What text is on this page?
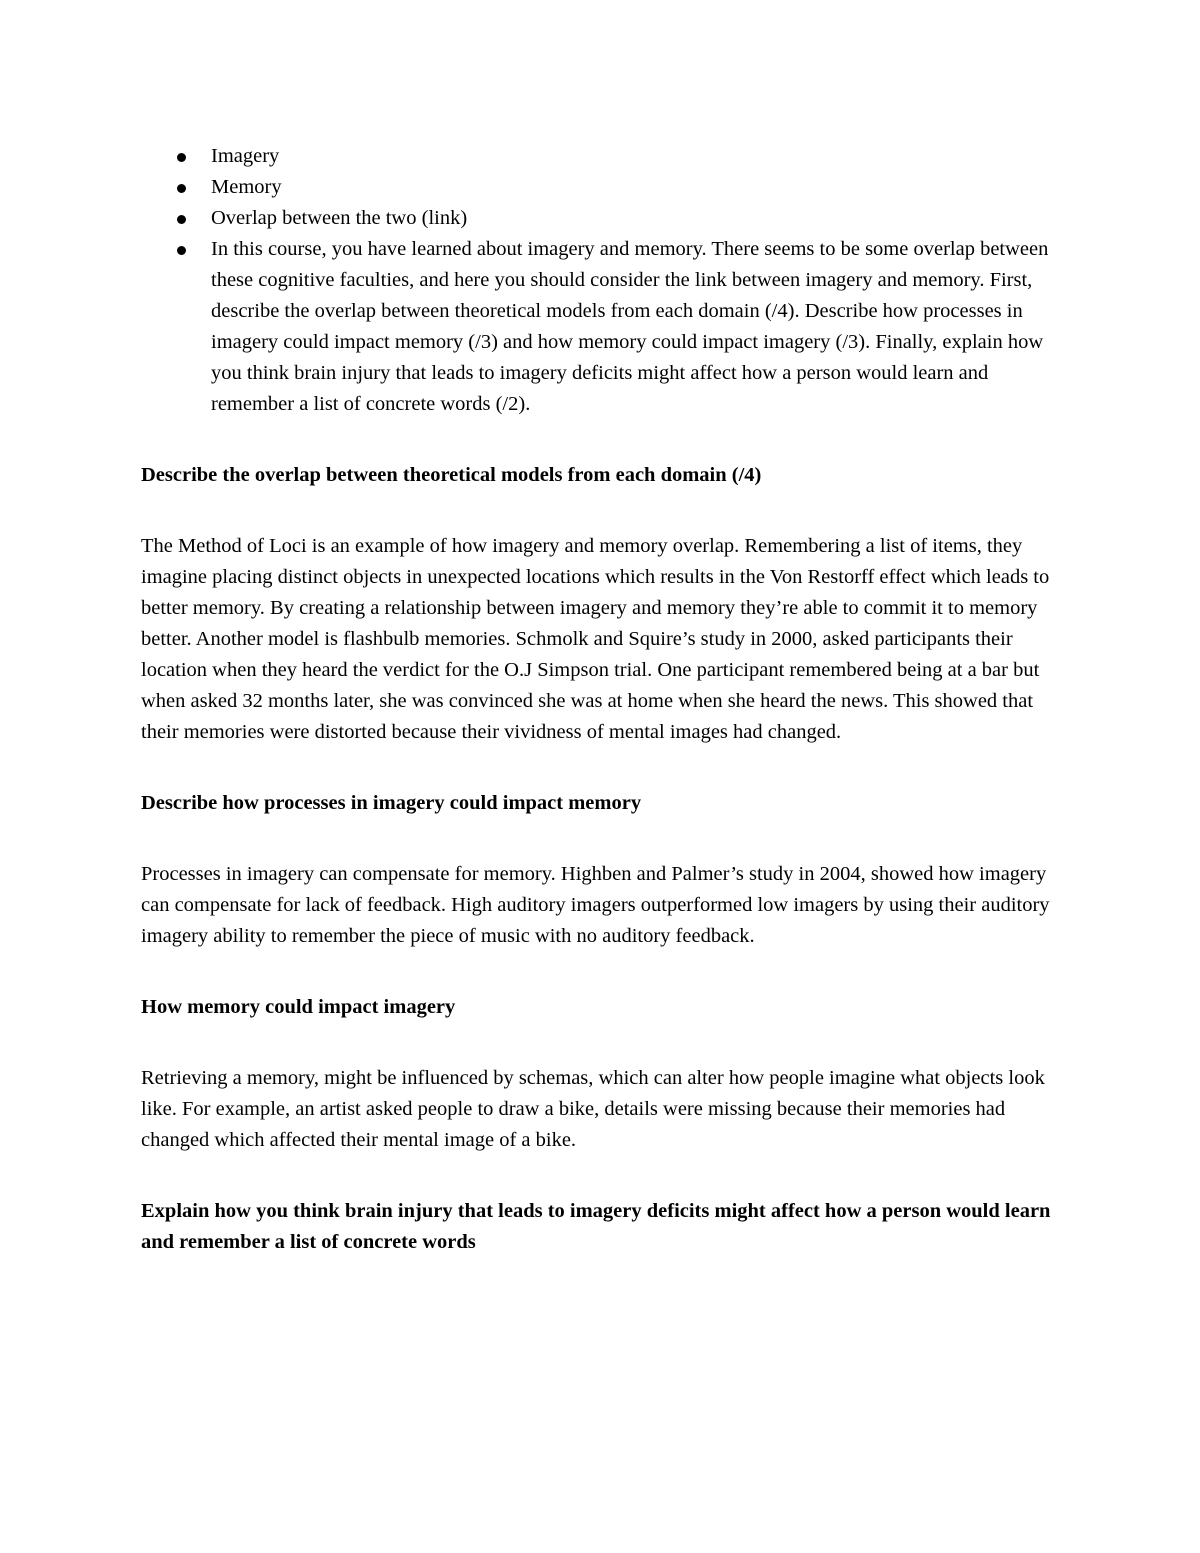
Imagery
Memory
Overlap between the two (link)
In this course, you have learned about imagery and memory. There seems to be some overlap between these cognitive faculties, and here you should consider the link between imagery and memory. First, describe the overlap between theoretical models from each domain (/4). Describe how processes in imagery could impact memory (/3) and how memory could impact imagery (/3). Finally, explain how you think brain injury that leads to imagery deficits might affect how a person would learn and remember a list of concrete words (/2).

Describe the overlap between theoretical models from each domain (/4)

The Method of Loci is an example of how imagery and memory overlap. Remembering a list of items, they imagine placing distinct objects in unexpected locations which results in the Von Restorff effect which leads to better memory. By creating a relationship between imagery and memory they’re able to commit it to memory better. Another model is flashbulb memories. Schmolk and Squire’s study in 2000, asked participants their location when they heard the verdict for the O.J Simpson trial. One participant remembered being at a bar but when asked 32 months later, she was convinced she was at home when she heard the news. This showed that their memories were distorted because their vividness of mental images had changed.

Describe how processes in imagery could impact memory

Processes in imagery can compensate for memory. Highben and Palmer’s study in 2004, showed how imagery can compensate for lack of feedback. High auditory imagers outperformed low imagers by using their auditory imagery ability to remember the piece of music with no auditory feedback.

How memory could impact imagery

Retrieving a memory, might be influenced by schemas, which can alter how people imagine what objects look like. For example, an artist asked people to draw a bike, details were missing because their memories had changed which affected their mental image of a bike.

Explain how you think brain injury that leads to imagery deficits might affect how a person would learn and remember a list of concrete words
